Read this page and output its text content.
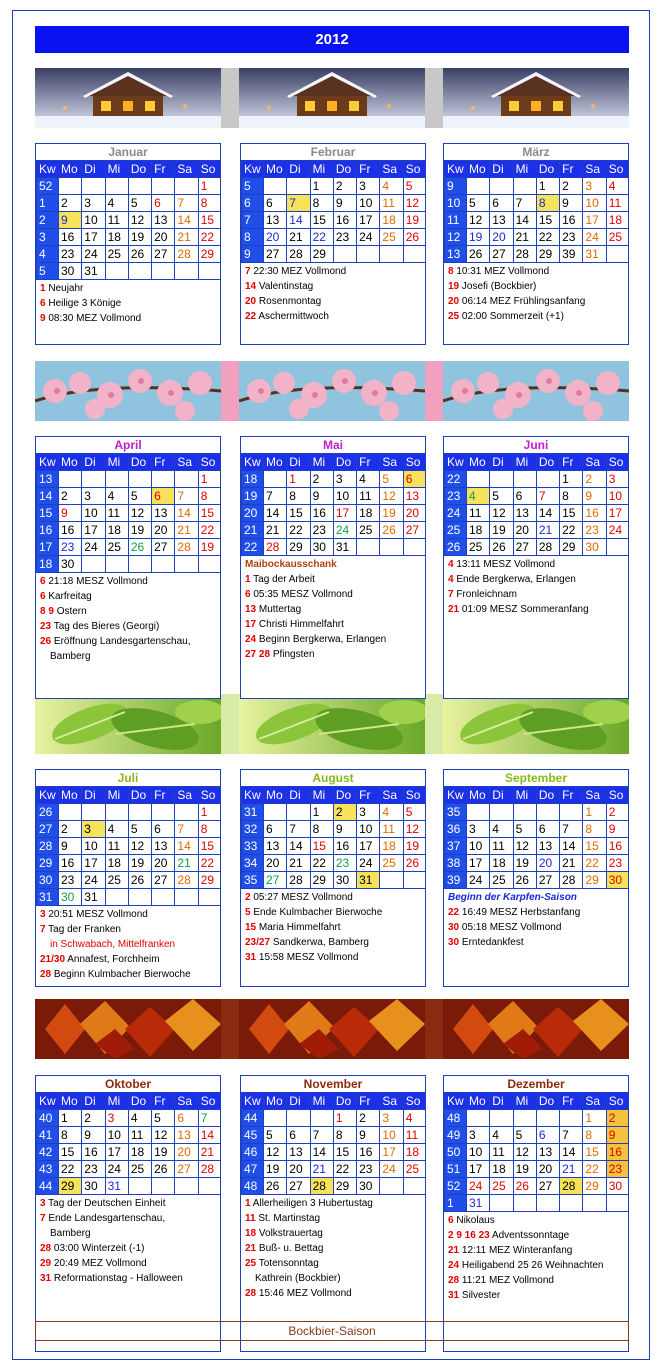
2012
Januar
Kw	Mo	Di	Mi	Do	Fr	Sa	So
52							1
1	2	3	4	5	6	7	8
2	9	10	11	12	13	14	15
3	16	17	18	19	20	21	22
4	23	24	25	26	27	28	29
5	30	31					
1 Neujahr
6 Heilige 3 Könige
9 08:30 MEZ Vollmond
Februar
Kw	Mo	Di	Mi	Do	Fr	Sa	So
5			1	2	3	4	5
6	6	7	8	9	10	11	12
7	13	14	15	16	17	18	19
8	20	21	22	23	24	25	26
9	27	28	29				
7 22:30 MEZ Vollmond
14 Valentinstag
20 Rosenmontag
22 Aschermittwoch
März
Kw	Mo	Di	Mi	Do	Fr	Sa	So
9				1	2	3	4
10	5	6	7	8	9	10	11
11	12	13	14	15	16	17	18
12	19	20	21	22	23	24	25
13	26	27	28	29	39	31	
8 10:31 MEZ Vollmond
19 Josefi (Bockbier)
20 06:14 MEZ Frühlingsanfang
25 02:00 Sommerzeit (+1)
April
Kw	Mo	Di	Mi	Do	Fr	Sa	So
13							1
14	2	3	4	5	6	7	8
15	9	10	11	12	13	14	15
16	16	17	18	19	20	21	22
17	23	24	25	26	27	28	19
18	30						
6 21:18 MESZ Vollmond
6 Karfreitag
8 9 Ostern
23 Tag des Bieres (Georgi)
26 Eröffnung Landesgartenschau,
Bamberg
Mai
Kw	Mo	Di	Mi	Do	Fr	Sa	So
18		1	2	3	4	5	6
19	7	8	9	10	11	12	13
20	14	15	16	17	18	19	20
21	21	22	23	24	25	26	27
22	28	29	30	31			
Maibockausschank
1 Tag der Arbeit
6 05:35 MESZ Vollmond
13 Muttertag
17 Christi Himmelfahrt
24 Beginn Bergkerwa, Erlangen
27 28 Pfingsten
Juni
Kw	Mo	Di	Mi	Do	Fr	Sa	So
22					1	2	3
23	4	5	6	7	8	9	10
24	11	12	13	14	15	16	17
25	18	19	20	21	22	23	24
26	25	26	27	28	29	30	
4 13:11 MESZ Vollmond
4 Ende Bergkerwa, Erlangen
7 Fronleichnam
21 01:09 MESZ Sommeranfang
Juli
Kw	Mo	Di	Mi	Do	Fr	Sa	So
26							1
27	2	3	4	5	6	7	8
28	9	10	11	12	13	14	15
29	16	17	18	19	20	21	22
30	23	24	25	26	27	28	29
31	30	31					
3 20:51 MESZ Vollmond
7 Tag der Franken
in Schwabach, Mittelfranken
21/30 Annafest, Forchheim
28 Beginn Kulmbacher Bierwoche
August
Kw	Mo	Di	Mi	Do	Fr	Sa	So
31			1	2	3	4	5
32	6	7	8	9	10	11	12
33	13	14	15	16	17	18	19
34	20	21	22	23	24	25	26
35	27	28	29	30	31		
2 05:27 MESZ Vollmond
5 Ende Kulmbacher Bierwoche
15 Maria Himmelfahrt
23/27 Sandkerwa, Bamberg
31 15:58 MESZ Vollmond
September
Kw	Mo	Di	Mi	Do	Fr	Sa	So
35						1	2
36	3	4	5	6	7	8	9
37	10	11	12	13	14	15	16
38	17	18	19	20	21	22	23
39	24	25	26	27	28	29	30
Beginn der Karpfen-Saison
22 16:49 MESZ Herbstanfang
30 05:18 MESZ Vollmond
30 Erntedankfest
Oktober
Kw	Mo	Di	Mi	Do	Fr	Sa	So
40	1	2	3	4	5	6	7
41	8	9	10	11	12	13	14
42	15	16	17	18	19	20	21
43	22	23	24	25	26	27	28
44	29	30	31				
3 Tag der Deutschen Einheit
7 Ende Landesgartenschau,
Bamberg
28 03:00 Winterzeit (-1)
29 20:49 MEZ Vollmond
31 Reformationstag - Halloween
November
Kw	Mo	Di	Mi	Do	Fr	Sa	So
44				1	2	3	4
45	5	6	7	8	9	10	11
46	12	13	14	15	16	17	18
47	19	20	21	22	23	24	25
48	26	27	28	29	30		
1 Allerheiligen 3 Hubertustag
11 St. Martinstag
18 Volkstrauertag
21 Buß- u. Bettag
25 Totensonntag
Kathrein (Bockbier)
28 15:46 MEZ Vollmond
Dezember
Kw	Mo	Di	Mi	Do	Fr	Sa	So
48						1	2
49	3	4	5	6	7	8	9
50	10	11	12	13	14	15	16
51	17	18	19	20	21	22	23
52	24	25	26	27	28	29	30
1	31						
6 Nikolaus
2 9 16 23 Adventssonntage
21 12:11 MEZ Winteranfang
24 Heiligabend 25 26 Weihnachten
28 11:21 MEZ Vollmond
31 Silvester
Bockbier-Saison
